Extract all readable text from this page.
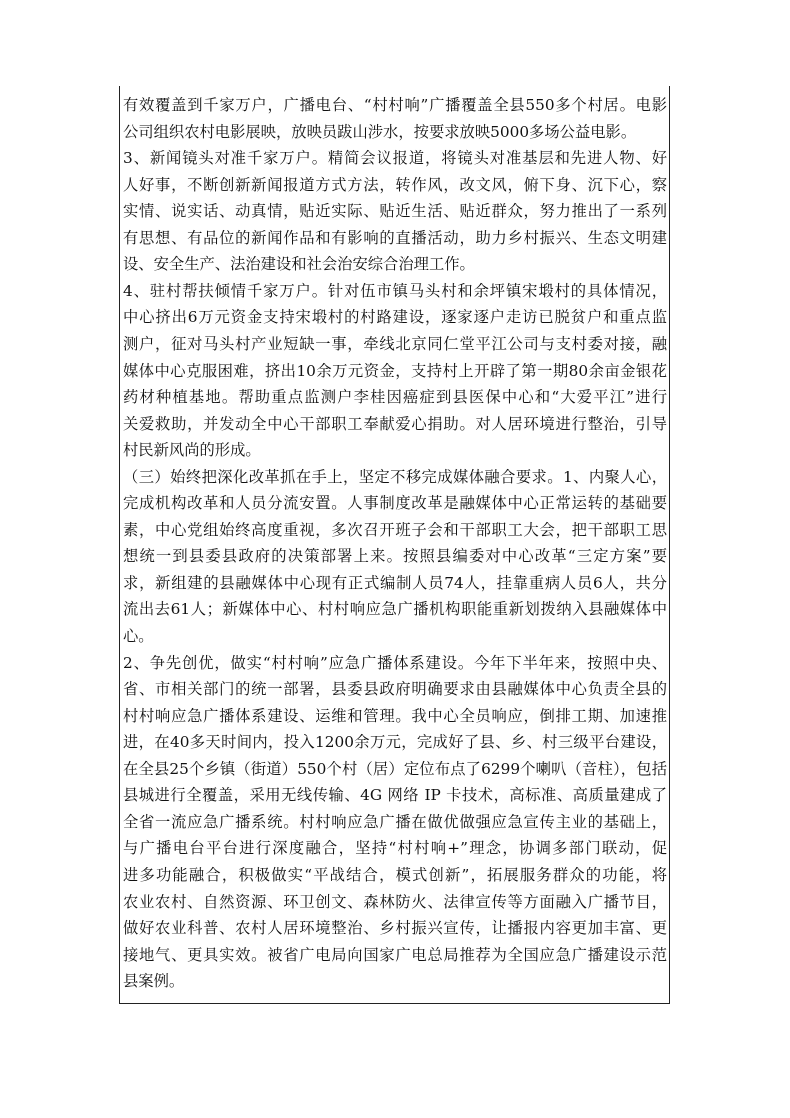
有效覆盖到千家万户，广播电台、“村村响”广播覆盖全县550多个村居。电影
公司组织农村电影展映，放映员跋山涉水，按要求放映5000多场公益电影。
3、新闻镜头对准千家万户。精简会议报道，将镜头对准基层和先进人物、好
人好事，不断创新新闻报道方式方法，转作风，改文风，俯下身、沉下心，察
实情、说实话、动真情，贴近实际、贴近生活、贴近群众，努力推出了一系列
有思想、有品位的新闻作品和有影响的直播活动，助力乡村振兴、生态文明建
设、安全生产、法治建设和社会治安综合治理工作。
4、驻村帮扶倾情千家万户。针对伍市镇马头村和余坪镇宋塅村的具体情况，
中心挤出6万元资金支持宋塅村的村路建设，逐家逐户走访已脱贫户和重点监
测户，征对马头村产业短缺一事，牵线北京同仁堂平江公司与支村委对接，融
媒体中心克服困难，挤出10余万元资金，支持村上开辟了第一期80余亩金银花
药材种植基地。帮助重点监测户李桂因癌症到县医保中心和“大爱平江”进行
关爱救助，并发动全中心干部职工奉献爱心捐助。对人居环境进行整治，引导
村民新风尚的形成。
（三）始终把深化改革抓在手上，坚定不移完成媒体融合要求。1、内聚人心，
完成机构改革和人员分流安置。人事制度改革是融媒体中心正常运转的基础要
素，中心党组始终高度重视，多次召开班子会和干部职工大会，把干部职工思
想统一到县委县政府的决策部署上来。按照县编委对中心改革“三定方案”要
求，新组建的县融媒体中心现有正式编制人员74人，挂靠重病人员6人，共分
流出去61人；新媒体中心、村村响应急广播机构职能重新划拨纳入县融媒体中
心。
2、争先创优，做实“村村响”应急广播体系建设。今年下半年来，按照中央、
省、市相关部门的统一部署，县委县政府明确要求由县融媒体中心负责全县的
村村响应急广播体系建设、运维和管理。我中心全员响应，倒排工期、加速推
进，在40多天时间内，投入1200余万元，完成好了县、乡、村三级平台建设，
在全县25个乡镇（街道）550个村（居）定位布点了6299个喇叭（音柱），包括
县城进行全覆盖，采用无线传输、4G 网络 IP 卡技术，高标准、高质量建成了
全省一流应急广播系统。村村响应急广播在做优做强应急宣传主业的基础上，
与广播电台平台进行深度融合，坚持“村村响+”理念，协调多部门联动，促
进多功能融合，积极做实“平战结合，模式创新”，拓展服务群众的功能，将
农业农村、自然资源、环卫创文、森林防火、法律宣传等方面融入广播节目，
做好农业科普、农村人居环境整治、乡村振兴宣传，让播报内容更加丰富、更
接地气、更具实效。被省广电局向国家广电总局推荐为全国应急广播建设示范
县案例。
